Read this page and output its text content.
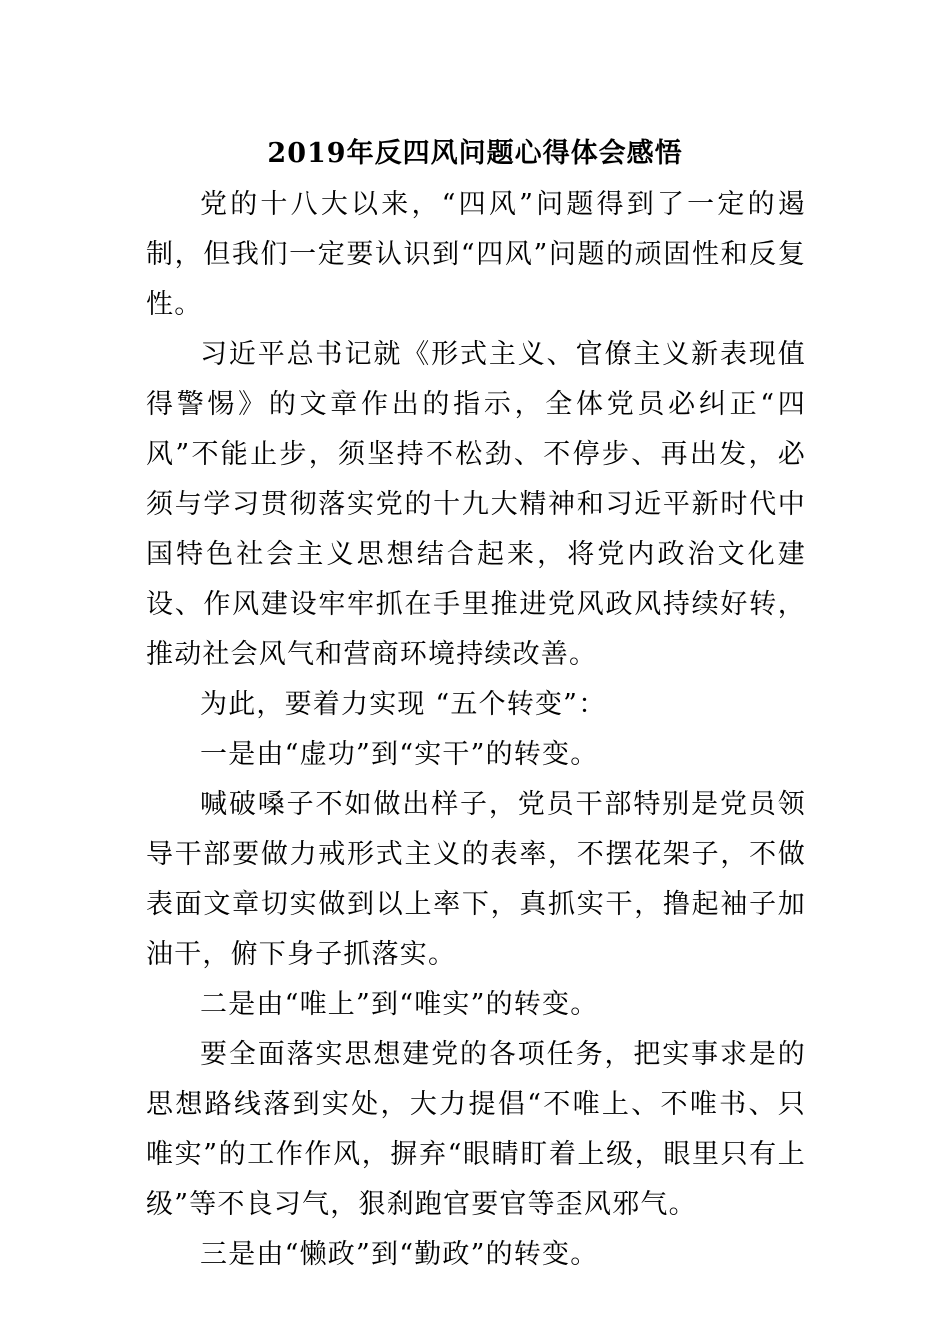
2019年反四风问题心得体会感悟

党的十八大以来，“四风”问题得到了一定的遏制，但我们一定要认识到“四风”问题的顽固性和反复性。

习近平总书记就《形式主义、官僚主义新表现值得警惕》的文章作出的指示，全体党员必纠正“四风”不能止步，须坚持不松劲、不停步、再出发，必须与学习贯彻落实党的十九大精神和习近平新时代中国特色社会主义思想结合起来，将党内政治文化建设、作风建设牢牢抓在手里推进党风政风持续好转，推动社会风气和营商环境持续改善。

为此，要着力实现 “五个转变”：

一是由“虚功”到“实干”的转变。

喊破嗓子不如做出样子，党员干部特别是党员领导干部要做力戒形式主义的表率，不摆花架子，不做表面文章切实做到以上率下，真抓实干，撸起袖子加油干，俯下身子抓落实。

二是由“唯上”到“唯实”的转变。

要全面落实思想建党的各项任务，把实事求是的思想路线落到实处，大力提倡“不唯上、不唯书、只唯实”的工作作风，摒弃“眼睛盯着上级，眼里只有上级”等不良习气，狠刹跑官要官等歪风邪气。

三是由“懒政”到“勤政”的转变。
